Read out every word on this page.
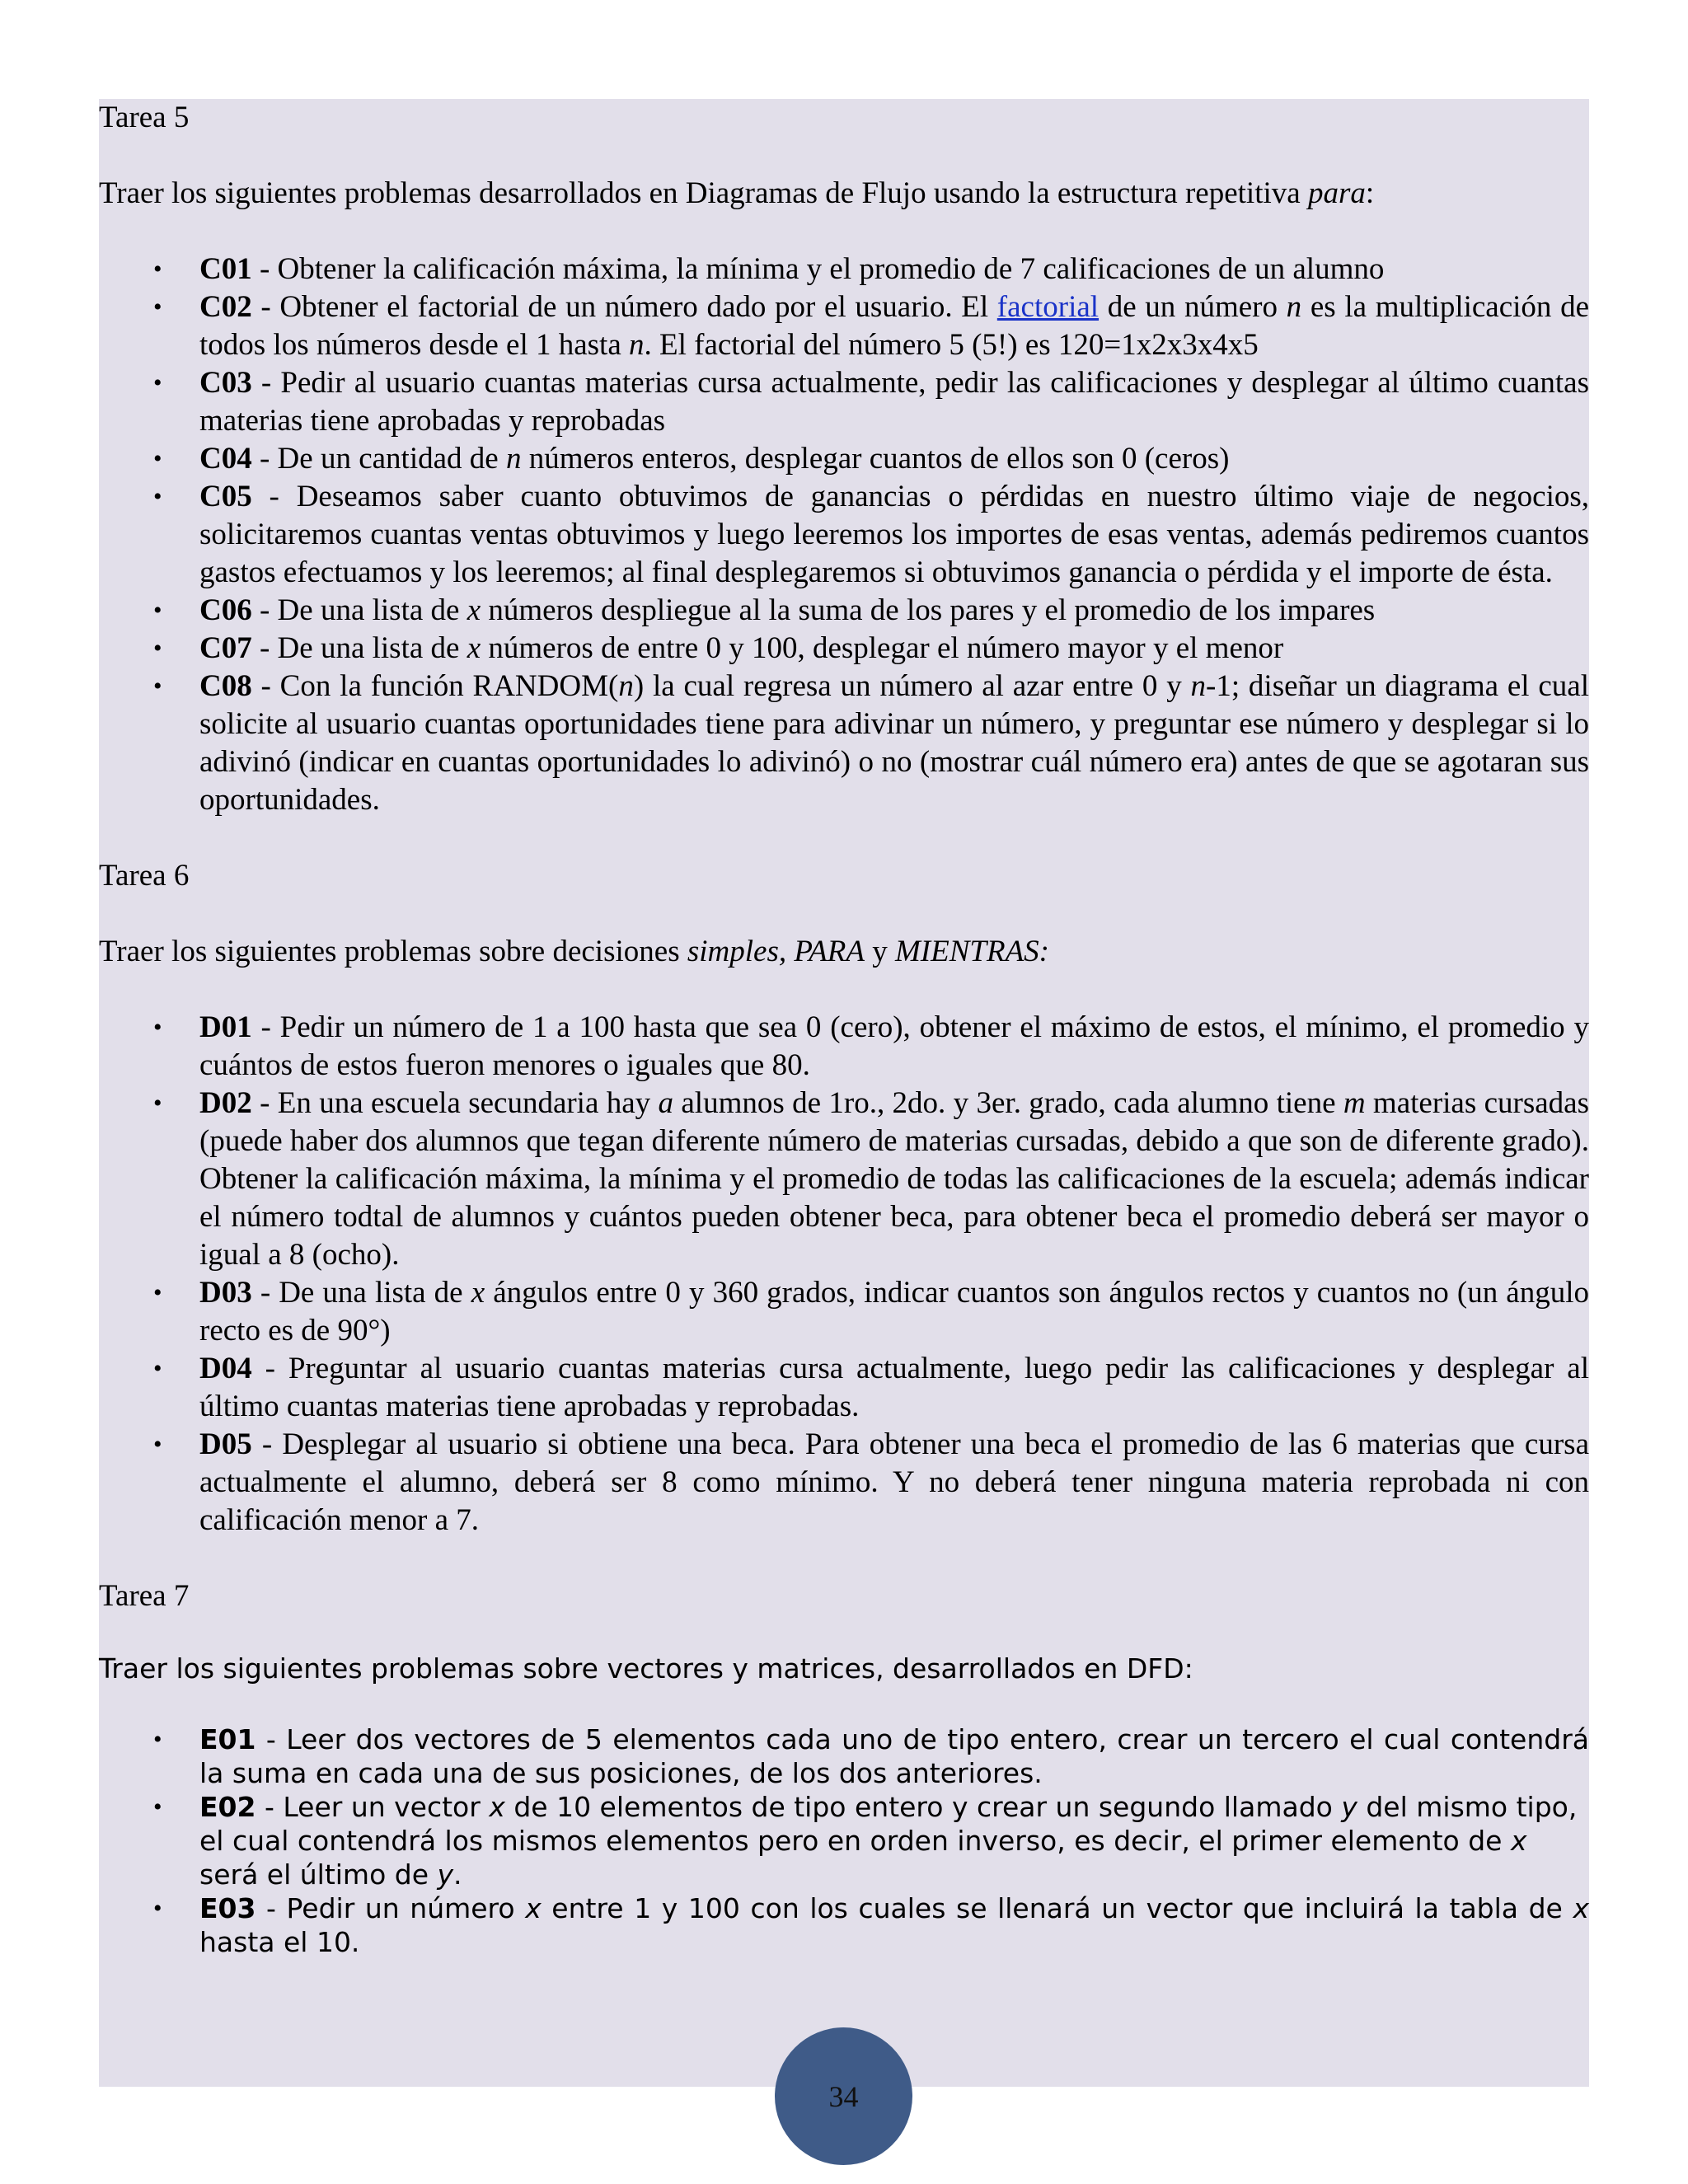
Tarea 5

Traer los siguientes problemas desarrollados en Diagramas de Flujo usando la estructura repetitiva para:

• C01 - Obtener la calificación máxima, la mínima y el promedio de 7 calificaciones de un alumno
• C02 - Obtener el factorial de un número dado por el usuario. El factorial de un número n es la multiplicación de todos los números desde el 1 hasta n. El factorial del número 5 (5!) es 120=1x2x3x4x5
• C03 - Pedir al usuario cuantas materias cursa actualmente, pedir las calificaciones y desplegar al último cuantas materias tiene aprobadas y reprobadas
• C04 - De un cantidad de n números enteros, desplegar cuantos de ellos son 0 (ceros)
• C05 - Deseamos saber cuanto obtuvimos de ganancias o pérdidas en nuestro último viaje de negocios, solicitaremos cuantas ventas obtuvimos y luego leeremos los importes de esas ventas, además pediremos cuantos gastos efectuamos y los leeremos; al final desplegaremos si obtuvimos ganancia o pérdida y el importe de ésta.
• C06 - De una lista de x números despliegue al la suma de los pares y el promedio de los impares
• C07 - De una lista de x números de entre 0 y 100, desplegar el número mayor y el menor
• C08 - Con la función RANDOM(n) la cual regresa un número al azar entre 0 y n-1; diseñar un diagrama el cual solicite al usuario cuantas oportunidades tiene para adivinar un número, y preguntar ese número y desplegar si lo adivinó (indicar en cuantas oportunidades lo adivinó) o no (mostrar cuál número era) antes de que se agotaran sus oportunidades.

Tarea 6

Traer los siguientes problemas sobre decisiones simples, PARA y MIENTRAS:

• D01 - Pedir un número de 1 a 100 hasta que sea 0 (cero), obtener el máximo de estos, el mínimo, el promedio y cuántos de estos fueron menores o iguales que 80.
• D02 - En una escuela secundaria hay a alumnos de 1ro., 2do. y 3er. grado, cada alumno tiene m materias cursadas (puede haber dos alumnos que tegan diferente número de materias cursadas, debido a que son de diferente grado). Obtener la calificación máxima, la mínima y el promedio de todas las calificaciones de la escuela; además indicar el número todtal de alumnos y cuántos pueden obtener beca, para obtener beca el promedio deberá ser mayor o igual a 8 (ocho).
• D03 - De una lista de x ángulos entre 0 y 360 grados, indicar cuantos son ángulos rectos y cuantos no (un ángulo recto es de 90°)
• D04 - Preguntar al usuario cuantas materias cursa actualmente, luego pedir las calificaciones y desplegar al último cuantas materias tiene aprobadas y reprobadas.
• D05 - Desplegar al usuario si obtiene una beca. Para obtener una beca el promedio de las 6 materias que cursa actualmente el alumno, deberá ser 8 como mínimo. Y no deberá tener ninguna materia reprobada ni con calificación menor a 7.

Tarea 7

Traer los siguientes problemas sobre vectores y matrices, desarrollados en DFD:

• E01 - Leer dos vectores de 5 elementos cada uno de tipo entero, crear un tercero el cual contendrá la suma en cada una de sus posiciones, de los dos anteriores.
• E02 - Leer un vector x de 10 elementos de tipo entero y crear un segundo llamado y del mismo tipo, el cual contendrá los mismos elementos pero en orden inverso, es decir, el primer elemento de x será el último de y.
• E03 - Pedir un número x entre 1 y 100 con los cuales se llenará un vector que incluirá la tabla de x hasta el 10.
34
